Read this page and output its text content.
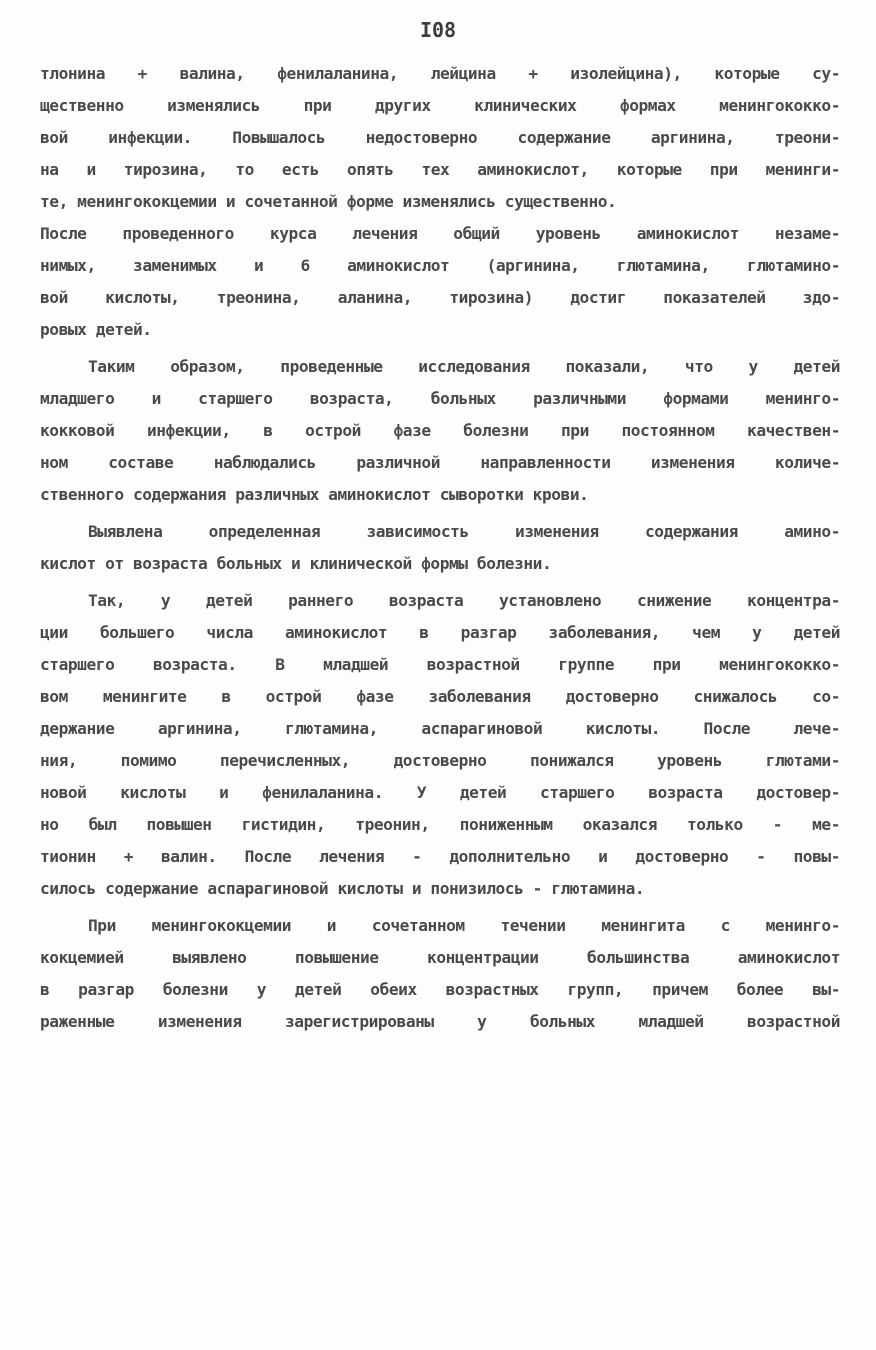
I08
тлонина + валина, фенилаланина, лейцина + изолейцина), которые су-
щественно изменялись при других клинических формах менингококко-
вой инфекции. Повышалось недостоверно содержание аргинина, треони-
на и тирозина, то есть опять тех аминокислот, которые при менинги-
те, менингококцемии и сочетанной форме изменялись существенно.
После проведенного курса лечения общий уровень аминокислот незаме-
нимых, заменимых и 6 аминокислот (аргинина, глютамина, глютамино-
вой кислоты, треонина, аланина, тирозина) достиг показателей здо-
ровых детей.
Таким образом, проведенные исследования показали, что у детей
младшего и старшего возраста, больных различными формами менинго-
кокковой инфекции, в острой фазе болезни при постоянном качествен-
ном составе наблюдались различной направленности изменения количе-
ственного содержания различных аминокислот сыворотки крови.
Выявлена определенная зависимость изменения содержания амино-
кислот от возраста больных и клинической формы болезни.
Так, у детей раннего возраста установлено снижение концентра-
ции большего числа аминокислот в разгар заболевания, чем у детей
старшего возраста. В младшей возрастной группе при менингококко-
вом менингите в острой фазе заболевания достоверно снижалось со-
держание аргинина, глютамина, аспарагиновой кислоты. После лече-
ния, помимо перечисленных, достоверно понижался уровень глютами-
новой кислоты и фенилаланина. У детей старшего возраста достовер-
но был повышен гистидин, треонин, пониженным оказался только - ме-
тионин + валин. После лечения - дополнительно и достоверно - повы-
силось содержание аспарагиновой кислоты и понизилось - глютамина.
При менингококцемии и сочетанном течении менингита с менинго-
кокцемией выявлено повышение концентрации большинства аминокислот
в разгар болезни у детей обеих возрастных групп, причем более вы-
раженные изменения зарегистрированы у больных младшей возрастной
